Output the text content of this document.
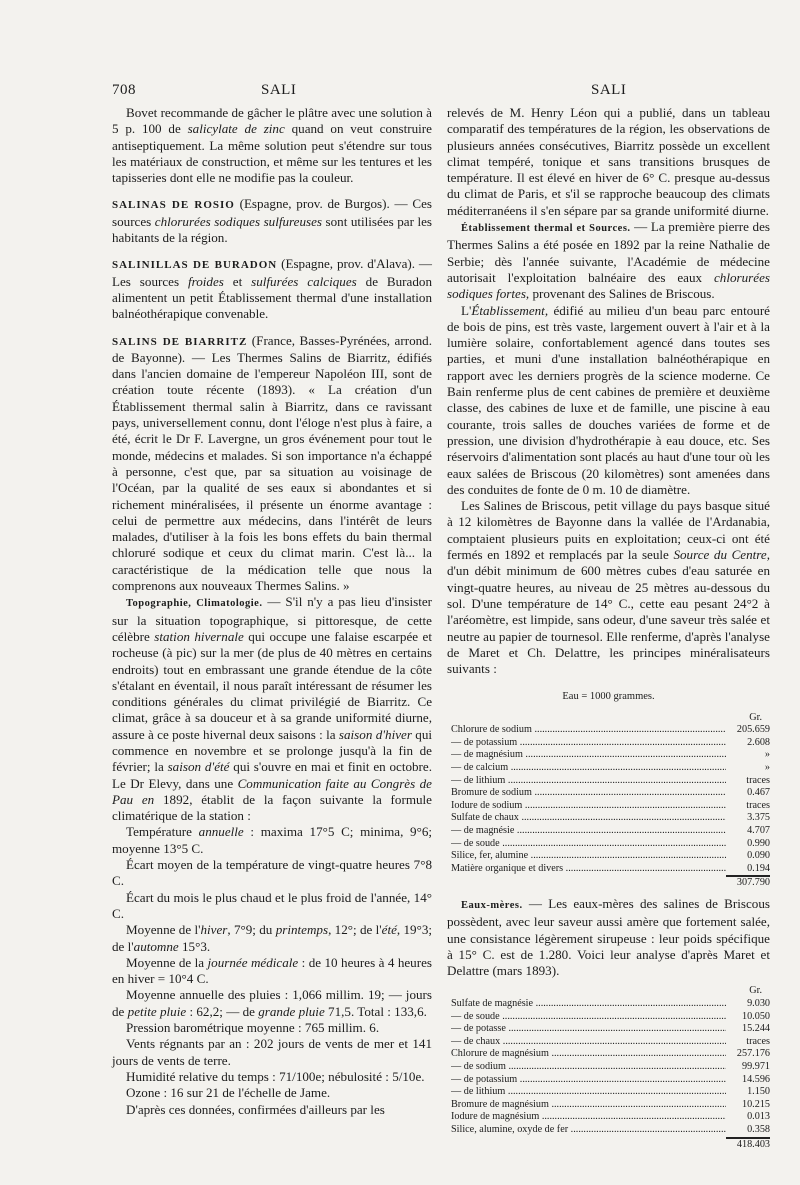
708	SALI	SALI

Bovet recommande de gâcher le plâtre avec une solution à 5 p. 100 de salicylate de zinc quand on veut construire antiseptiquement. La même solution peut s'étendre sur tous les matériaux de construction, et même sur les tentures et les tapisseries dont elle ne modifie pas la couleur.

SALINAS DE ROSIO (Espagne, prov. de Burgos). — Ces sources chlorurées sodiques sulfureuses sont utilisées par les habitants de la région.

SALINILLAS DE BURADON (Espagne, prov. d'Alava). — Les sources froides et sulfurées calciques de Buradon alimentent un petit Établissement thermal d'une installation balnéothérapique convenable.

SALINS DE BIARRITZ (France, Basses-Pyrénées, arrond. de Bayonne). — Les Thermes Salins de Biarritz, édifiés dans l'ancien domaine de l'empereur Napoléon III, sont de création toute récente (1893). « La création d'un Établissement thermal salin à Biarritz, dans ce ravissant pays, universellement connu, dont l'éloge n'est plus à faire, a été, écrit le Dr F. Lavergne, un gros événement pour tout le monde, médecins et malades. Si son importance n'a échappé à personne, c'est que, par sa situation au voisinage de l'Océan, par la qualité de ses eaux si abondantes et si richement minéralisées, il présente un énorme avantage : celui de permettre aux médecins, dans l'intérêt de leurs malades, d'utiliser à la fois les bons effets du bain thermal chloruré sodique et ceux du climat marin. C'est là... la caractéristique de la médication telle que nous la comprenons aux nouveaux Thermes Salins. »

Topographie, Climatologie. — S'il n'y a pas lieu d'insister sur la situation topographique, si pittoresque, de cette célèbre station hivernale qui occupe une falaise escarpée et rocheuse (à pic) sur la mer (de plus de 40 mètres en certains endroits) tout en embrassant une grande étendue de la côte s'étalant en éventail, il nous paraît intéressant de résumer les conditions générales du climat privilégié de Biarritz. Ce climat, grâce à sa douceur et à sa grande uniformité diurne, assure à ce poste hivernal deux saisons : la saison d'hiver qui commence en novembre et se prolonge jusqu'à la fin de février; la saison d'été qui s'ouvre en mai et finit en octobre. Le Dr Elevy, dans une Communication faite au Congrès de Pau en 1892, établit de la façon suivante la formule climatérique de la station :

Température annuelle : maxima 17°5 C; minima, 9°6; moyenne 13°5 C.

Écart moyen de la température de vingt-quatre heures 7°8 C.

Écart du mois le plus chaud et le plus froid de l'année, 14° C.

Moyenne de l'hiver, 7°9; du printemps, 12°; de l'été, 19°3; de l'automne 15°3.

Moyenne de la journée médicale : de 10 heures à 4 heures en hiver = 10°4 C.

Moyenne annuelle des pluies : 1,066 millim. 19; — jours de petite pluie : 62,2; — de grande pluie 71,5. Total : 133,6.

Pression barométrique moyenne : 765 millim. 6.

Vents régnants par an : 202 jours de vents de mer et 141 jours de vents de terre.

Humidité relative du temps : 71/100e; nébulosité : 5/10e.

Ozone : 16 sur 21 de l'échelle de Jame.

D'après ces données, confirmées d'ailleurs par les

relevés de M. Henry Léon qui a publié, dans un tableau comparatif des températures de la région, les observations de plusieurs années consécutives, Biarritz possède un excellent climat tempéré, tonique et sans transitions brusques de température. Il est élevé en hiver de 6° C. presque au-dessus du climat de Paris, et s'il se rapproche beaucoup des climats méditerranéens il s'en sépare par sa grande uniformité diurne.

Établissement thermal et Sources. — La première pierre des Thermes Salins a été posée en 1892 par la reine Nathalie de Serbie; dès l'année suivante, l'Académie de médecine autorisait l'exploitation balnéaire des eaux chlorurées sodiques fortes, provenant des Salines de Briscous.

L'Établissement, édifié au milieu d'un beau parc entouré de bois de pins, est très vaste, largement ouvert à l'air et à la lumière solaire, confortablement agencé dans toutes ses parties, et muni d'une installation balnéothérapique en rapport avec les derniers progrès de la science moderne. Ce Bain renferme plus de cent cabines de première et deuxième classe, des cabines de luxe et de famille, une piscine à eau courante, trois salles de douches variées de forme et de pression, une division d'hydrothérapie à eau douce, etc. Ses réservoirs d'alimentation sont placés au haut d'une tour où les eaux salées de Briscous (20 kilomètres) sont amenées dans des conduites de fonte de 0 m. 10 de diamètre.

Les Salines de Briscous, petit village du pays basque situé à 12 kilomètres de Bayonne dans la vallée de l'Ardanabia, comptaient plusieurs puits en exploitation; ceux-ci ont été fermés en 1892 et remplacés par la seule Source du Centre, d'un débit minimum de 600 mètres cubes d'eau saturée en vingt-quatre heures, au niveau de 25 mètres au-dessous du sol. D'une température de 14° C., cette eau pesant 24°2 à l'aréomètre, est limpide, sans odeur, d'une saveur très salée et neutre au papier de tournesol. Elle renferme, d'après l'analyse de Maret et Ch. Delattre, les principes minéralisateurs suivants :

Eau = 1000 grammes.
Gr.
Chlorure de sodium .....	205.659
— de potassium .....	2.608
— de magnésium .....	»
— de calcium .....	»
— de lithium .....	traces
Bromure de sodium .....	0.467
Iodure de sodium .....	traces
Sulfate de chaux .....	3.375
— de magnésie .....	4.707
— de soude .....	0.990
Silice, fer, alumine .....	0.090
Matière organique et divers .....	0.194
307.790

Eaux-mères. — Les eaux-mères des salines de Briscous possèdent, avec leur saveur aussi amère que fortement salée, une consistance légèrement sirupeuse : leur poids spécifique à 15° C. est de 1.280. Voici leur analyse d'après Maret et Delattre (mars 1893).

Gr.
Sulfate de magnésie .....	9.030
— de soude .....	10.050
— de potasse .....	15.244
— de chaux .....	traces
Chlorure de magnésium .....	257.176
— de sodium .....	99.971
— de potassium .....	14.596
— de lithium .....	1.150
Bromure de magnésium .....	10.215
Iodure de magnésium .....	0.013
Silice, alumine, oxyde de fer .....	0.358
418.403
